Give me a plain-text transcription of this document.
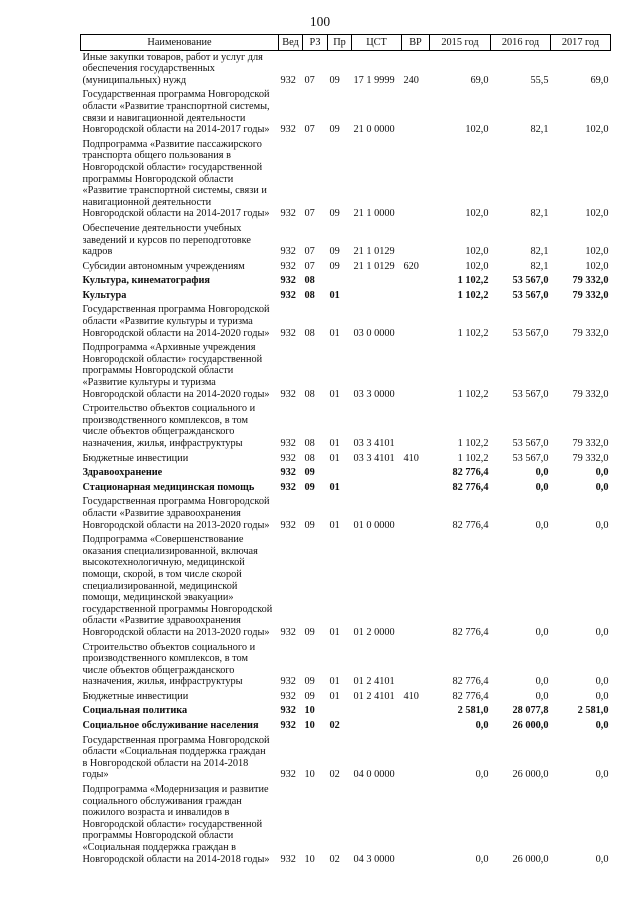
100
Наименование	Вед	РЗ	Пр	ЦСТ	ВР	2015 год	2016 год	2017 год
Иные закупки товаров, работ и услуг для обеспечения государственных (муниципальных) нужд	932	07	09	17 1 9999	240	69,0	55,5	69,0
Государственная программа Новгородской области «Развитие транспортной системы, связи и навигационной деятельности Новгородской области на 2014-2017 годы»	932	07	09	21 0 0000		102,0	82,1	102,0
Подпрограмма «Развитие пассажирского транспорта общего пользования в Новгородской области» государственной программы Новгородской области «Развитие транспортной системы, связи и навигационной деятельности Новгородской области на 2014-2017 годы»	932	07	09	21 1 0000		102,0	82,1	102,0
Обеспечение деятельности учебных заведений и курсов по переподготовке кадров	932	07	09	21 1 0129		102,0	82,1	102,0
Субсидии автономным учреждениям	932	07	09	21 1 0129	620	102,0	82,1	102,0
Культура, кинематография	932	08				1 102,2	53 567,0	79 332,0
Культура	932	08	01			1 102,2	53 567,0	79 332,0
Государственная программа Новгородской области «Развитие культуры и туризма Новгородской области на 2014-2020 годы»	932	08	01	03 0 0000		1 102,2	53 567,0	79 332,0
Подпрограмма «Архивные учреждения Новгородской области» государственной программы Новгородской области «Развитие культуры и туризма Новгородской области на 2014-2020 годы»	932	08	01	03 3 0000		1 102,2	53 567,0	79 332,0
Строительство объектов социального и производственного комплексов, в том числе объектов общегражданского назначения, жилья, инфраструктуры	932	08	01	03 3 4101		1 102,2	53 567,0	79 332,0
Бюджетные инвестиции	932	08	01	03 3 4101	410	1 102,2	53 567,0	79 332,0
Здравоохранение	932	09				82 776,4	0,0	0,0
Стационарная медицинская помощь	932	09	01			82 776,4	0,0	0,0
Государственная программа Новгородской области «Развитие здравоохранения Новгородской области на 2013-2020 годы»	932	09	01	01 0 0000		82 776,4	0,0	0,0
Подпрограмма «Совершенствование оказания специализированной, включая высокотехнологичную, медицинской помощи, скорой, в том числе скорой специализированной, медицинской помощи, медицинской эвакуации» государственной программы Новгородской области «Развитие здравоохранения Новгородской области на 2013-2020 годы»	932	09	01	01 2 0000		82 776,4	0,0	0,0
Строительство объектов социального и производственного комплексов, в том числе объектов общегражданского назначения, жилья, инфраструктуры	932	09	01	01 2 4101		82 776,4	0,0	0,0
Бюджетные инвестиции	932	09	01	01 2 4101	410	82 776,4	0,0	0,0
Социальная политика	932	10				2 581,0	28 077,8	2 581,0
Социальное обслуживание населения	932	10	02			0,0	26 000,0	0,0
Государственная программа Новгородской области «Социальная поддержка граждан в Новгородской области на 2014-2018 годы»	932	10	02	04 0 0000		0,0	26 000,0	0,0
Подпрограмма «Модернизация и развитие социального обслуживания граждан пожилого возраста и инвалидов в Новгородской области» государственной программы Новгородской области «Социальная поддержка граждан в Новгородской области на 2014-2018 годы»	932	10	02	04 3 0000		0,0	26 000,0	0,0
